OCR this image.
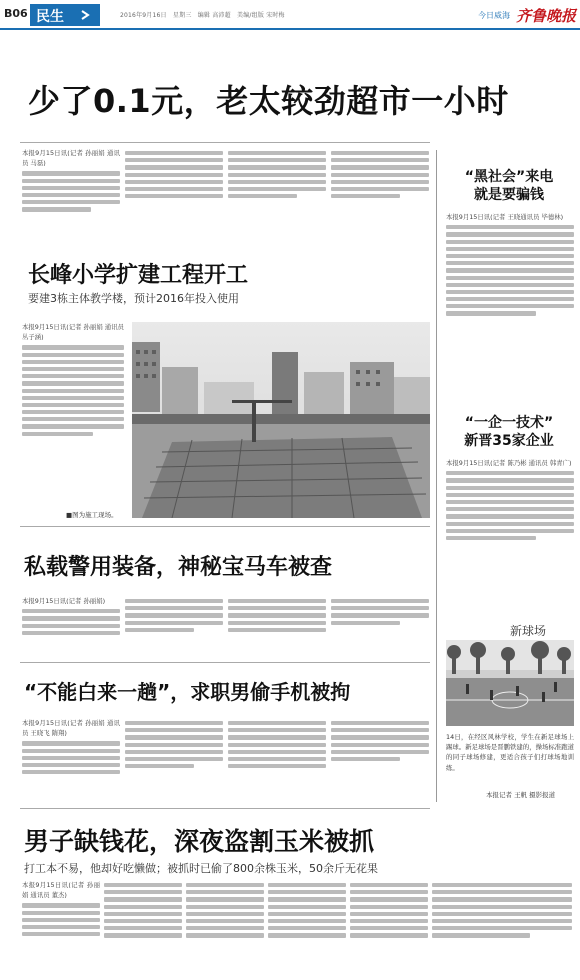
B06 民生	2016年9月16日　星期三　编辑 高沛超　美编/组版 宋时梅	今日威海 齐鲁晚报
少了0.1元，老太较劲超市一小时
本报9月15日讯(记者 孙丽娟 通讯员 马磊)
长峰小学扩建工程开工
要建3栋主体教学楼，预计2016年投入使用
本报9月15日讯(记者 孙丽娟 通讯员 丛子涵)
■图为施工现场。
私载警用装备，神秘宝马车被查
本报9月15日讯(记者 孙丽娟)
“不能白来一趟”，求职男偷手机被拘
本报9月15日讯(记者 孙丽娟 通讯员 王晓飞 隋翔)
男子缺钱花，深夜盗割玉米被抓
打工本不易，他却好吃懒做；被抓时已偷了800余株玉米，50余斤无花果
本报9月15日讯(记者 孙丽娟 通讯员 董杰)
“黑社会”来电
就是要骗钱
本报9月15日讯(记者 王晓通讯员 毕德林)
“一企一技术”
新晋35家企业
本报9月15日讯(记者 陈乃彬 通讯员 韩青广)
新球场
14日，在经区风林学校，学生在新足球场上踢球。新足球场是晋鹏铁建的，操场标准跑道的同子球场修建，更适合孩子们打球场地训练。
本报记者 王帆 摄影报道
